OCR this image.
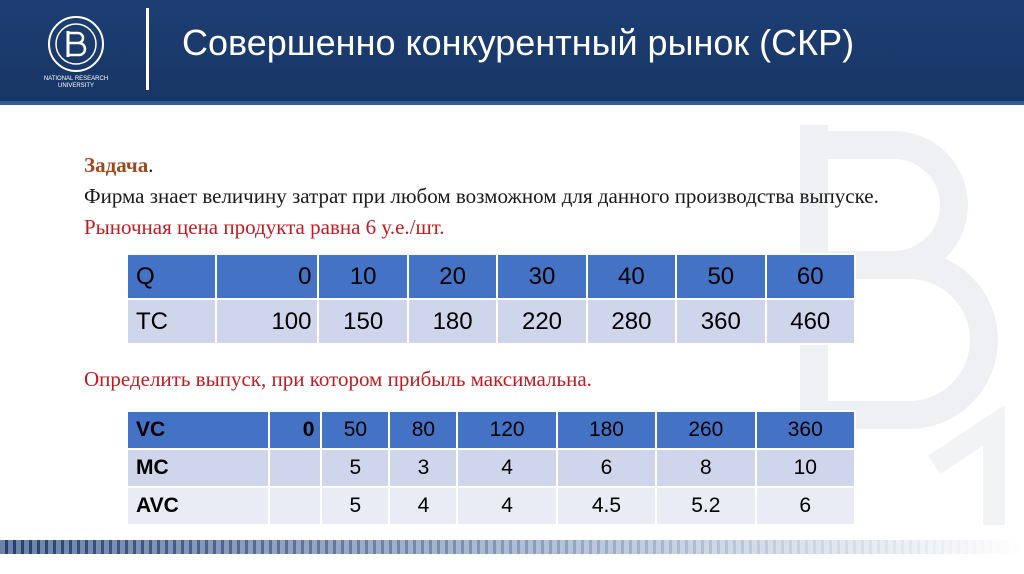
NATIONAL RESEARCH
UNIVERSITY
Совершенно конкурентный рынок (СКР)
Задача.
Фирма знает величину затрат при любом возможном для данного производства выпуске. Рыночная цена продукта равна 6 у.е./шт.
Q	0	10	20	30	40	50	60
TC	100	150	180	220	280	360	460
Определить выпуск, при котором прибыль максимальна.
VC	0	50	80	120	180	260	360
MC		5	3	4	6	8	10
AVC		5	4	4	4.5	5.2	6
